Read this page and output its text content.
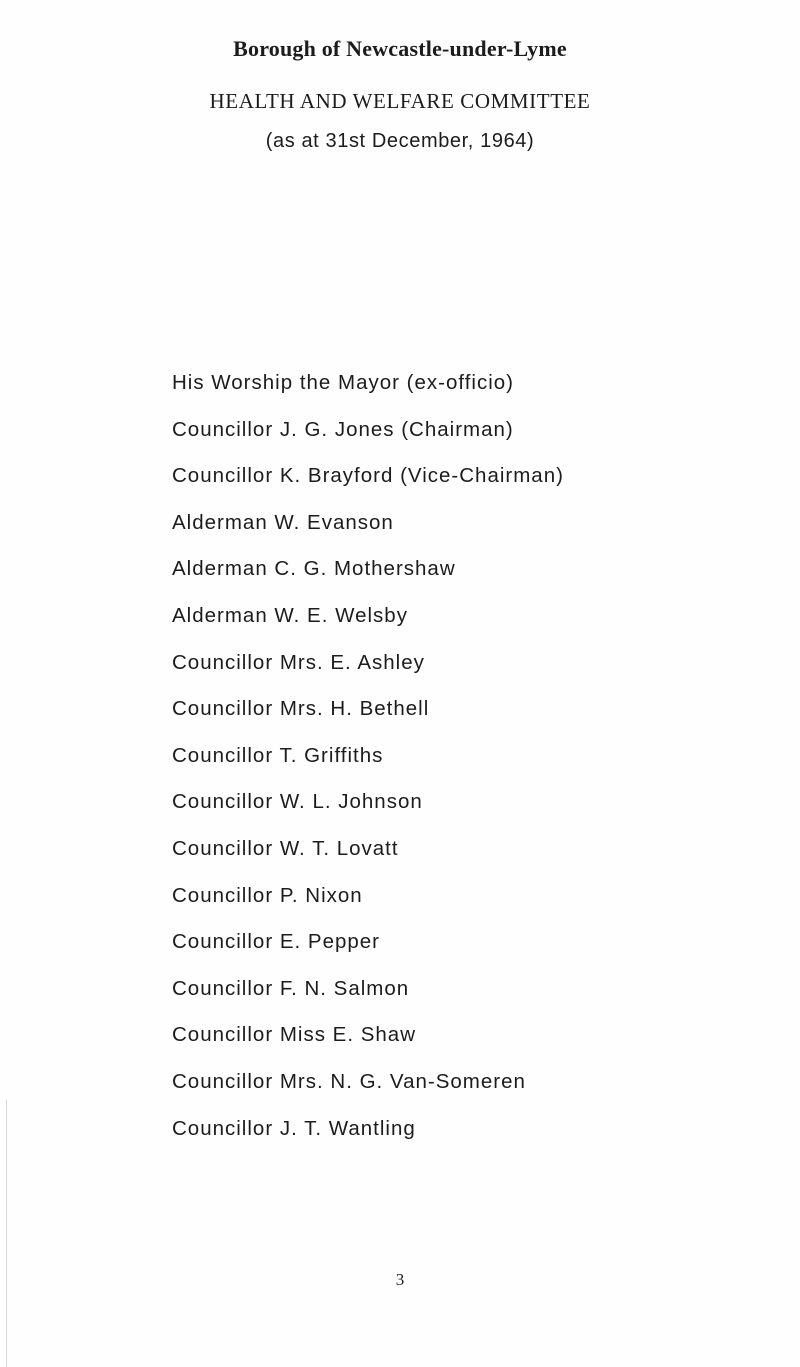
Borough of Newcastle-under-Lyme
HEALTH AND WELFARE COMMITTEE
(as at 31st December, 1964)
His Worship the Mayor (ex-officio)
Councillor J. G. Jones (Chairman)
Councillor K. Brayford (Vice-Chairman)
Alderman W. Evanson
Alderman C. G. Mothershaw
Alderman W. E. Welsby
Councillor Mrs. E. Ashley
Councillor Mrs. H. Bethell
Councillor T. Griffiths
Councillor W. L. Johnson
Councillor W. T. Lovatt
Councillor P. Nixon
Councillor E. Pepper
Councillor F. N. Salmon
Councillor Miss E. Shaw
Councillor Mrs. N. G. Van-Someren
Councillor J. T. Wantling
3
